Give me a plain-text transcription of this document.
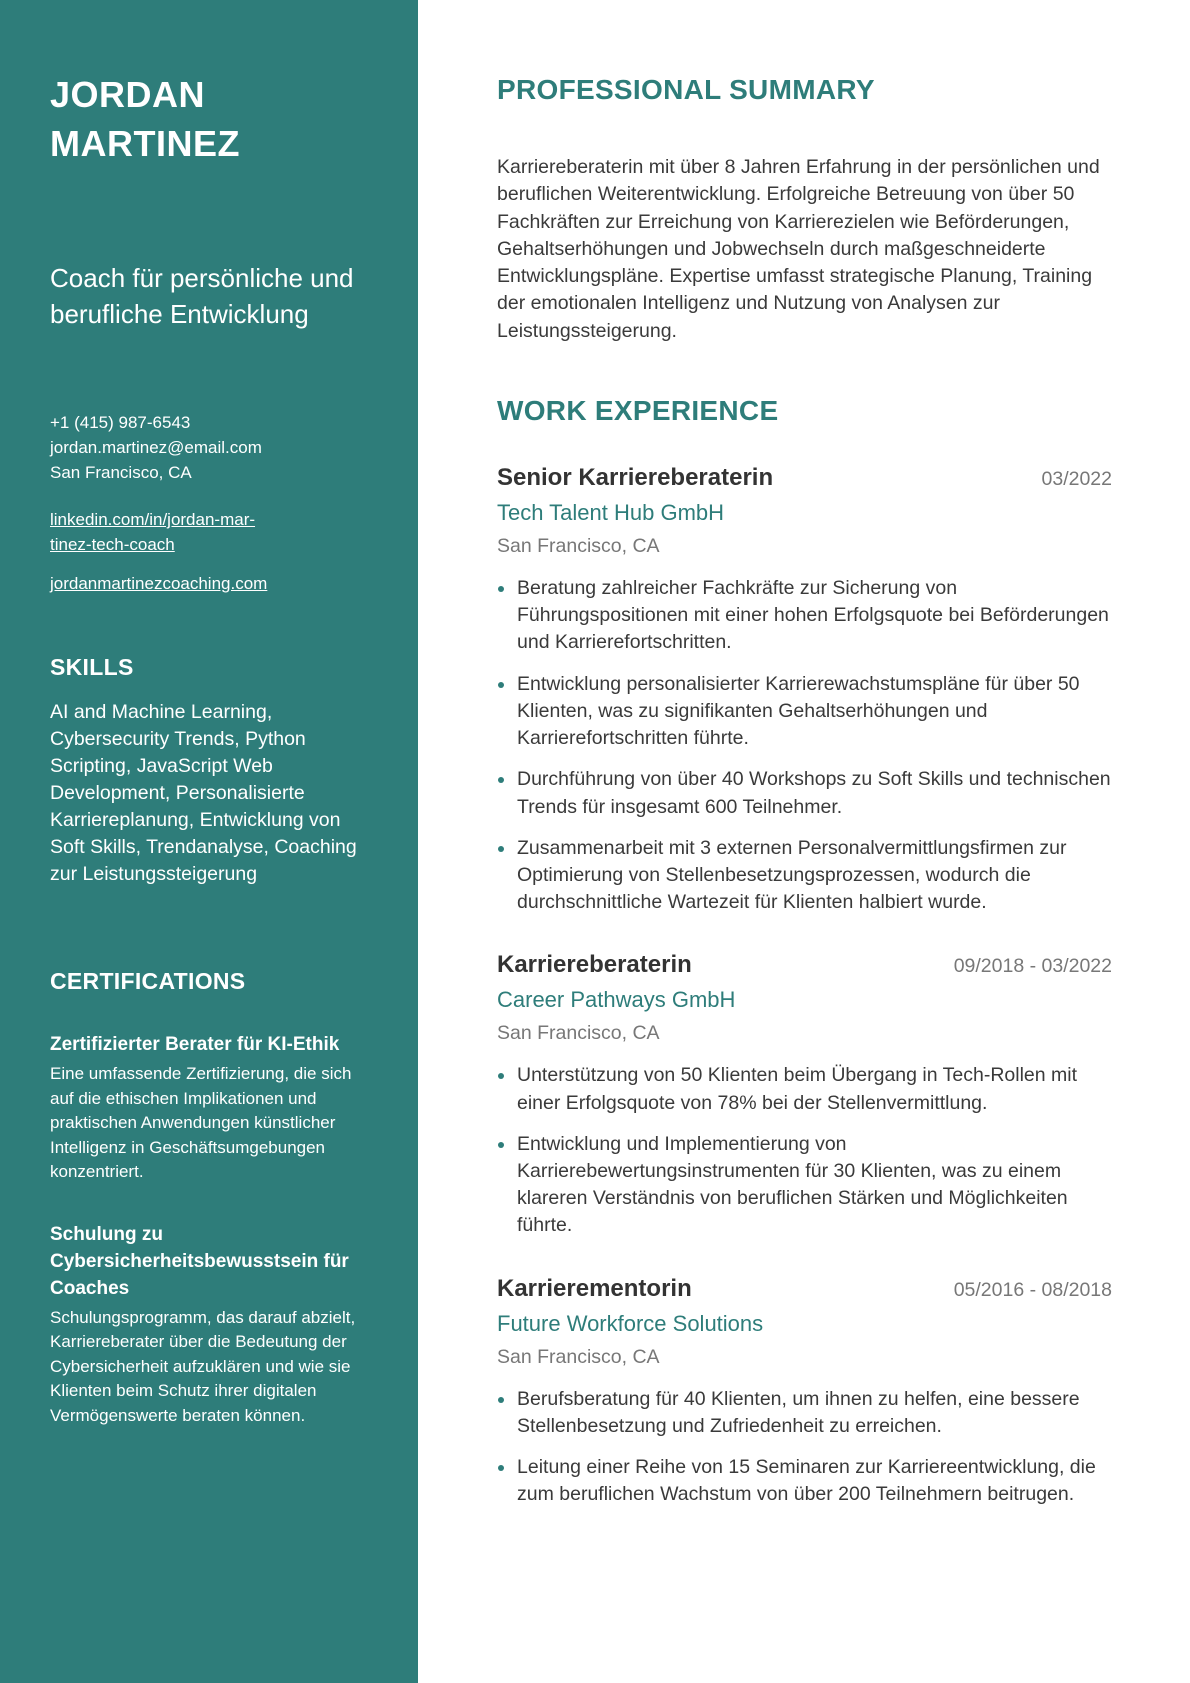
JORDAN
MARTINEZ
Coach für persönliche und berufliche Entwicklung
+1 (415) 987-6543
jordan.martinez@email.com
San Francisco, CA
linkedin.com/in/jordan-mar-
tinez-tech-coach
jordanmartinezcoaching.com
SKILLS
AI and Machine Learning, Cybersecurity Trends, Python Scripting, JavaScript Web Development, Personalisierte Karriereplanung, Entwicklung von Soft Skills, Trendanalyse, Coaching zur Leistungssteigerung
CERTIFICATIONS
Zertifizierter Berater für KI-Ethik
Eine umfassende Zertifizierung, die sich auf die ethischen Implikationen und praktischen Anwendungen künstlicher Intelligenz in Geschäftsumgebungen konzentriert.
Schulung zu Cybersicherheitsbewusstsein für Coaches
Schulungsprogramm, das darauf abzielt, Karriereberater über die Bedeutung der Cybersicherheit aufzuklären und wie sie Klienten beim Schutz ihrer digitalen Vermögenswerte beraten können.
PROFESSIONAL SUMMARY

Karriereberaterin mit über 8 Jahren Erfahrung in der persönlichen und beruflichen Weiterentwicklung. Erfolgreiche Betreuung von über 50 Fachkräften zur Erreichung von Karrierezielen wie Beförderungen, Gehaltserhöhungen und Jobwechseln durch maßgeschneiderte Entwicklungspläne. Expertise umfasst strategische Planung, Training der emotionalen Intelligenz und Nutzung von Analysen zur Leistungssteigerung.

WORK EXPERIENCE
Senior Karriereberaterin	03/2022
Tech Talent Hub GmbH
San Francisco, CA
Beratung zahlreicher Fachkräfte zur Sicherung von Führungspositionen mit einer hohen Erfolgsquote bei Beförderungen und Karrierefortschritten.
Entwicklung personalisierter Karrierewachstumspläne für über 50 Klienten, was zu signifikanten Gehaltserhöhungen und Karrierefortschritten führte.
Durchführung von über 40 Workshops zu Soft Skills und technischen Trends für insgesamt 600 Teilnehmer.
Zusammenarbeit mit 3 externen Personalvermittlungsfirmen zur Optimierung von Stellenbesetzungsprozessen, wodurch die durchschnittliche Wartezeit für Klienten halbiert wurde.
Karriereberaterin	09/2018 - 03/2022
Career Pathways GmbH
San Francisco, CA
Unterstützung von 50 Klienten beim Übergang in Tech-Rollen mit einer Erfolgsquote von 78% bei der Stellenvermittlung.
Entwicklung und Implementierung von Karrierebewertungsinstrumenten für 30 Klienten, was zu einem klareren Verständnis von beruflichen Stärken und Möglichkeiten führte.
Karrierementorin	05/2016 - 08/2018
Future Workforce Solutions
San Francisco, CA
Berufsberatung für 40 Klienten, um ihnen zu helfen, eine bessere Stellenbesetzung und Zufriedenheit zu erreichen.
Leitung einer Reihe von 15 Seminaren zur Karriereentwicklung, die zum beruflichen Wachstum von über 200 Teilnehmern beitrugen.
